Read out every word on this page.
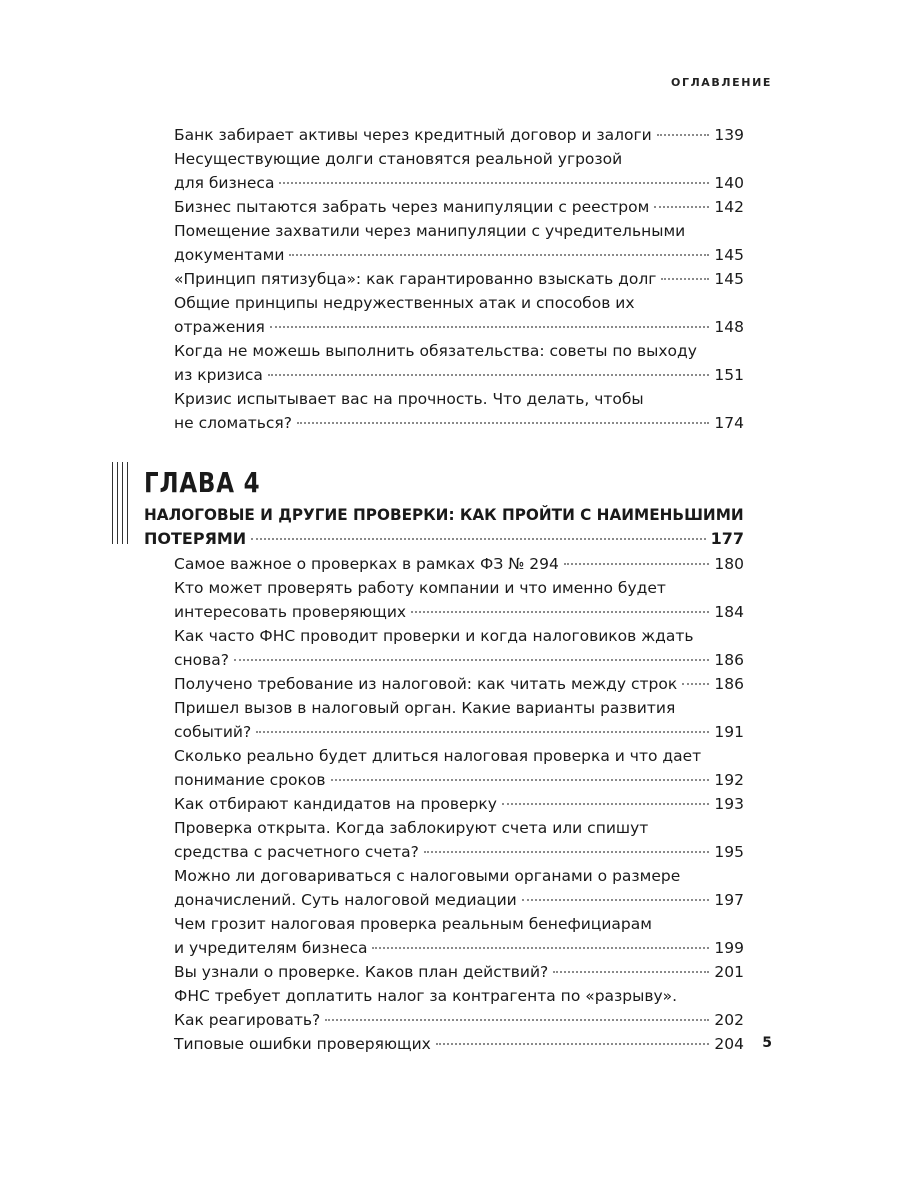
ОГЛАВЛЕНИЕ
Банк забирает активы через кредитный договор и залоги	139
Несуществующие долги становятся реальной угрозой
для бизнеса	140
Бизнес пытаются забрать через манипуляции с реестром	142
Помещение захватили через манипуляции с учредительными
документами	145
«Принцип пятизубца»: как гарантированно взыскать долг	145
Общие принципы недружественных атак и способов их
отражения	148
Когда не можешь выполнить обязательства: советы по выходу
из кризиса	151
Кризис испытывает вас на прочность. Что делать, чтобы
не сломаться?	174
ГЛАВА 4
НАЛОГОВЫЕ И ДРУГИЕ ПРОВЕРКИ: КАК ПРОЙТИ С НАИМЕНЬШИМИ
ПОТЕРЯМИ	177
Самое важное о проверках в рамках ФЗ № 294	180
Кто может проверять работу компании и что именно будет
интересовать проверяющих	184
Как часто ФНС проводит проверки и когда налоговиков ждать
снова?	186
Получено требование из налоговой: как читать между строк 186
Пришел вызов в налоговый орган. Какие варианты развития
событий?	191
Сколько реально будет длиться налоговая проверка и что дает
понимание сроков	192
Как отбирают кандидатов на проверку	193
Проверка открыта. Когда заблокируют счета или спишут
средства с расчетного счета?	195
Можно ли договариваться с налоговыми органами о размере
доначислений. Суть налоговой медиации	197
Чем грозит налоговая проверка реальным бенефициарам
и учредителям бизнеса	199
Вы узнали о проверке. Каков план действий?	201
ФНС требует доплатить налог за контрагента по «разрыву».
Как реагировать?	202
Типовые ошибки проверяющих	204 5
